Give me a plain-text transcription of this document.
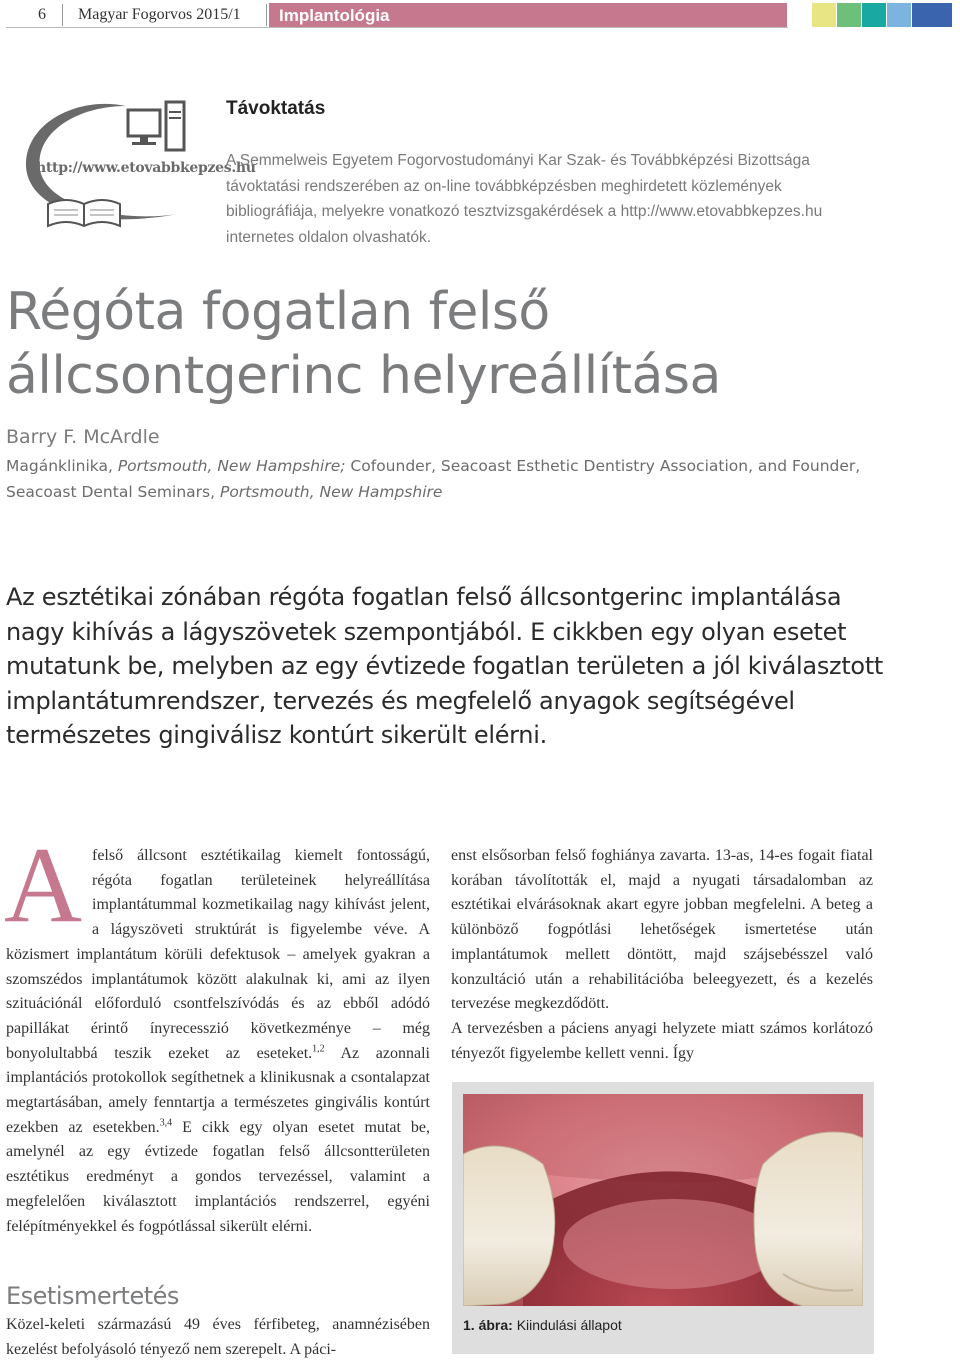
6 Magyar Fogorvos 2015/1 Implantológia
http://www.etovabbkepzes.hu
Távoktatás
A Semmelweis Egyetem Fogorvostudományi Kar Szak- és Továbbképzési Bizottsága távoktatási rendszerében az on-line továbbképzésben meghirdetett közlemények bibliográfiája, melyekre vonatkozó tesztvizsgakérdések a http://www.etovabbkepzes.hu internetes oldalon olvashatók.
Régóta fogatlan felső állcsontgerinc helyreállítása
Barry F. McArdle
Magánklinika, Portsmouth, New Hampshire; Cofounder, Seacoast Esthetic Dentistry Association, and Founder, Seacoast Dental Seminars, Portsmouth, New Hampshire
Az esztétikai zónában régóta fogatlan felső állcsontgerinc implantálása nagy kihívás a lágyszövetek szempontjából. E cikkben egy olyan esetet mutatunk be, melyben az egy évtizede fogatlan területen a jól kiválasztott implantátumrendszer, tervezés és megfelelő anyagok segítségével természetes gingiválisz kontúrt sikerült elérni.

A felső állcsont esztétikailag kiemelt fontosságú, régóta fogatlan területeinek helyreállítása implantátummal kozmetikailag nagy kihívást jelent, a lágyszöveti struktúrát is figyelembe véve. A közismert implantátum körüli defektusok – amelyek gyakran a szomszédos implantátumok között alakulnak ki, ami az ilyen szituációnál előforduló csontfelszívódás és az ebből adódó papillákat érintő ínyrecesszió következménye – még bonyolultabbá teszik ezeket az eseteket.$^{1,2}$ Az azonnali implantációs protokollok segíthetnek a klinikusnak a csontalapzat megtartásában, amely fenntartja a természetes gingivális kontúrt ezekben az esetekben.$^{3,4}$ E cikk egy olyan esetet mutat be, amelynél az egy évtizede fogatlan felső állcsontterületen esztétikus eredményt a gondos tervezéssel, valamint a megfelelően kiválasztott implantációs rendszerrel, egyéni felépítményekkel és fogpótlással sikerült elérni.

Esetismertetés
Közel-keleti származású 49 éves férfibeteg, anamnézisében kezelést befolyásoló tényező nem szerepelt. A páci-

enst elsősorban felső foghiánya zavarta. 13-as, 14-es fogait fiatal korában távolították el, majd a nyugati társadalomban az esztétikai elvárásoknak akart egyre jobban megfelelni. A beteg a különböző fogpótlási lehetőségek ismertetése után implantátumok mellett döntött, majd szájsebésszel való konzultáció után a rehabilitációba beleegyezett, és a kezelés tervezése megkezdődött.

A tervezésben a páciens anyagi helyzete miatt számos korlátozó tényezőt figyelembe kellett venni. Így

1. ábra: Kiindulási állapot
